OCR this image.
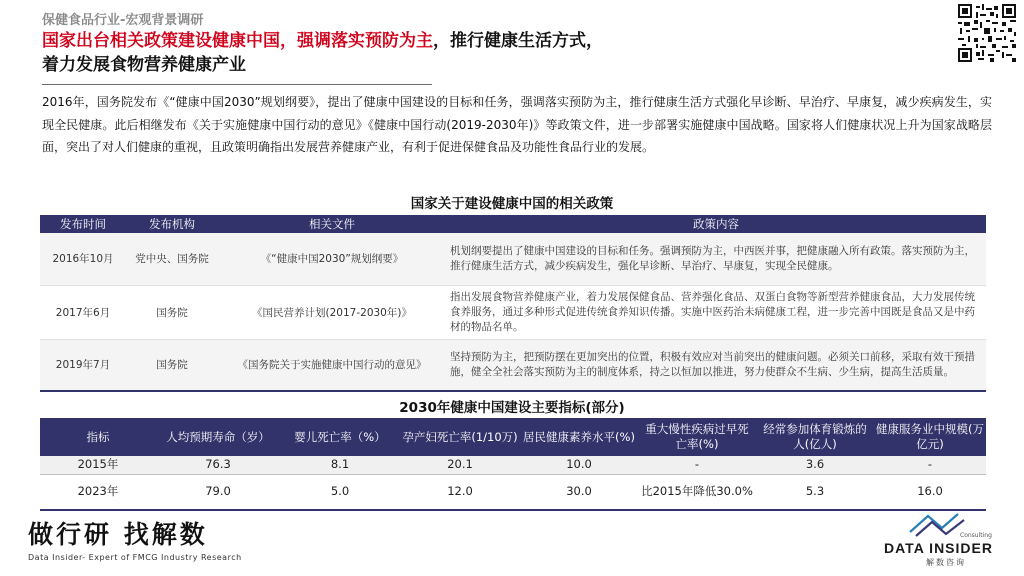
保健食品行业-宏观背景调研
国家出台相关政策建设健康中国，强调落实预防为主，推行健康生活方式，
着力发展食物营养健康产业
2016年，国务院发布《“健康中国2030”规划纲要》，提出了健康中国建设的目标和任务，强调落实预防为主，推行健康生活方式强化早诊断、早治疗、早康复，减少疾病发生，实现全民健康。此后相继发布《关于实施健康中国行动的意见》《健康中国行动(2019-2030年)》等政策文件，进一步部署实施健康中国战略。国家将人们健康状况上升为国家战略层面，突出了对人们健康的重视，且政策明确指出发展营养健康产业，有利于促进保健食品及功能性食品行业的发展。
国家关于建设健康中国的相关政策
发布时间	发布机构	相关文件	政策内容
2016年10月	党中央、国务院	《“健康中国2030”规划纲要》	机划纲要提出了健康中国建设的目标和任务。强调预防为主，中西医并事，把健康融入所有政策。落实预防为主，推行健康生活方式，减少疾病发生，强化早诊断、早治疗、早康复，实现全民健康。
2017年6月	国务院	《国民营养计划(2017-2030年)》	指出发展食物营养健康产业，着力发展保健食品、营养强化食品、双蛋白食物等新型营养健康食品，大力发展传统食养服务，通过多种形式促进传统食养知识传播。实施中医药治未病健康工程，进一步完善中国既是食品又是中药材的物品名单。
2019年7月	国务院	《国务院关于实施健康中国行动的意见》	坚持预防为主，把预防摆在更加突出的位置，积极有效应对当前突出的健康问题。必须关口前移，采取有效干预措施，健全全社会落实预防为主的制度体系，持之以恒加以推进，努力使群众不生病、少生病，提高生活质量。
2030年健康中国建设主要指标(部分)
指标	人均预期寿命（岁）	婴儿死亡率（%）	孕产妇死亡率(1/10万)	居民健康素养水平(%)	重大慢性疾病过早死亡率(%)	经常参加体育锻炼的人(亿人)	健康服务业中规模(万亿元)
2015年	76.3	8.1	20.1	10.0	-	3.6	-
2023年	79.0	5.0	12.0	30.0	比2015年降低30.0%	5.3	16.0
做行研 找解数
Data Insider- Expert of FMCG Industry Research
Consulting
DATA INSIDER
解数咨询
